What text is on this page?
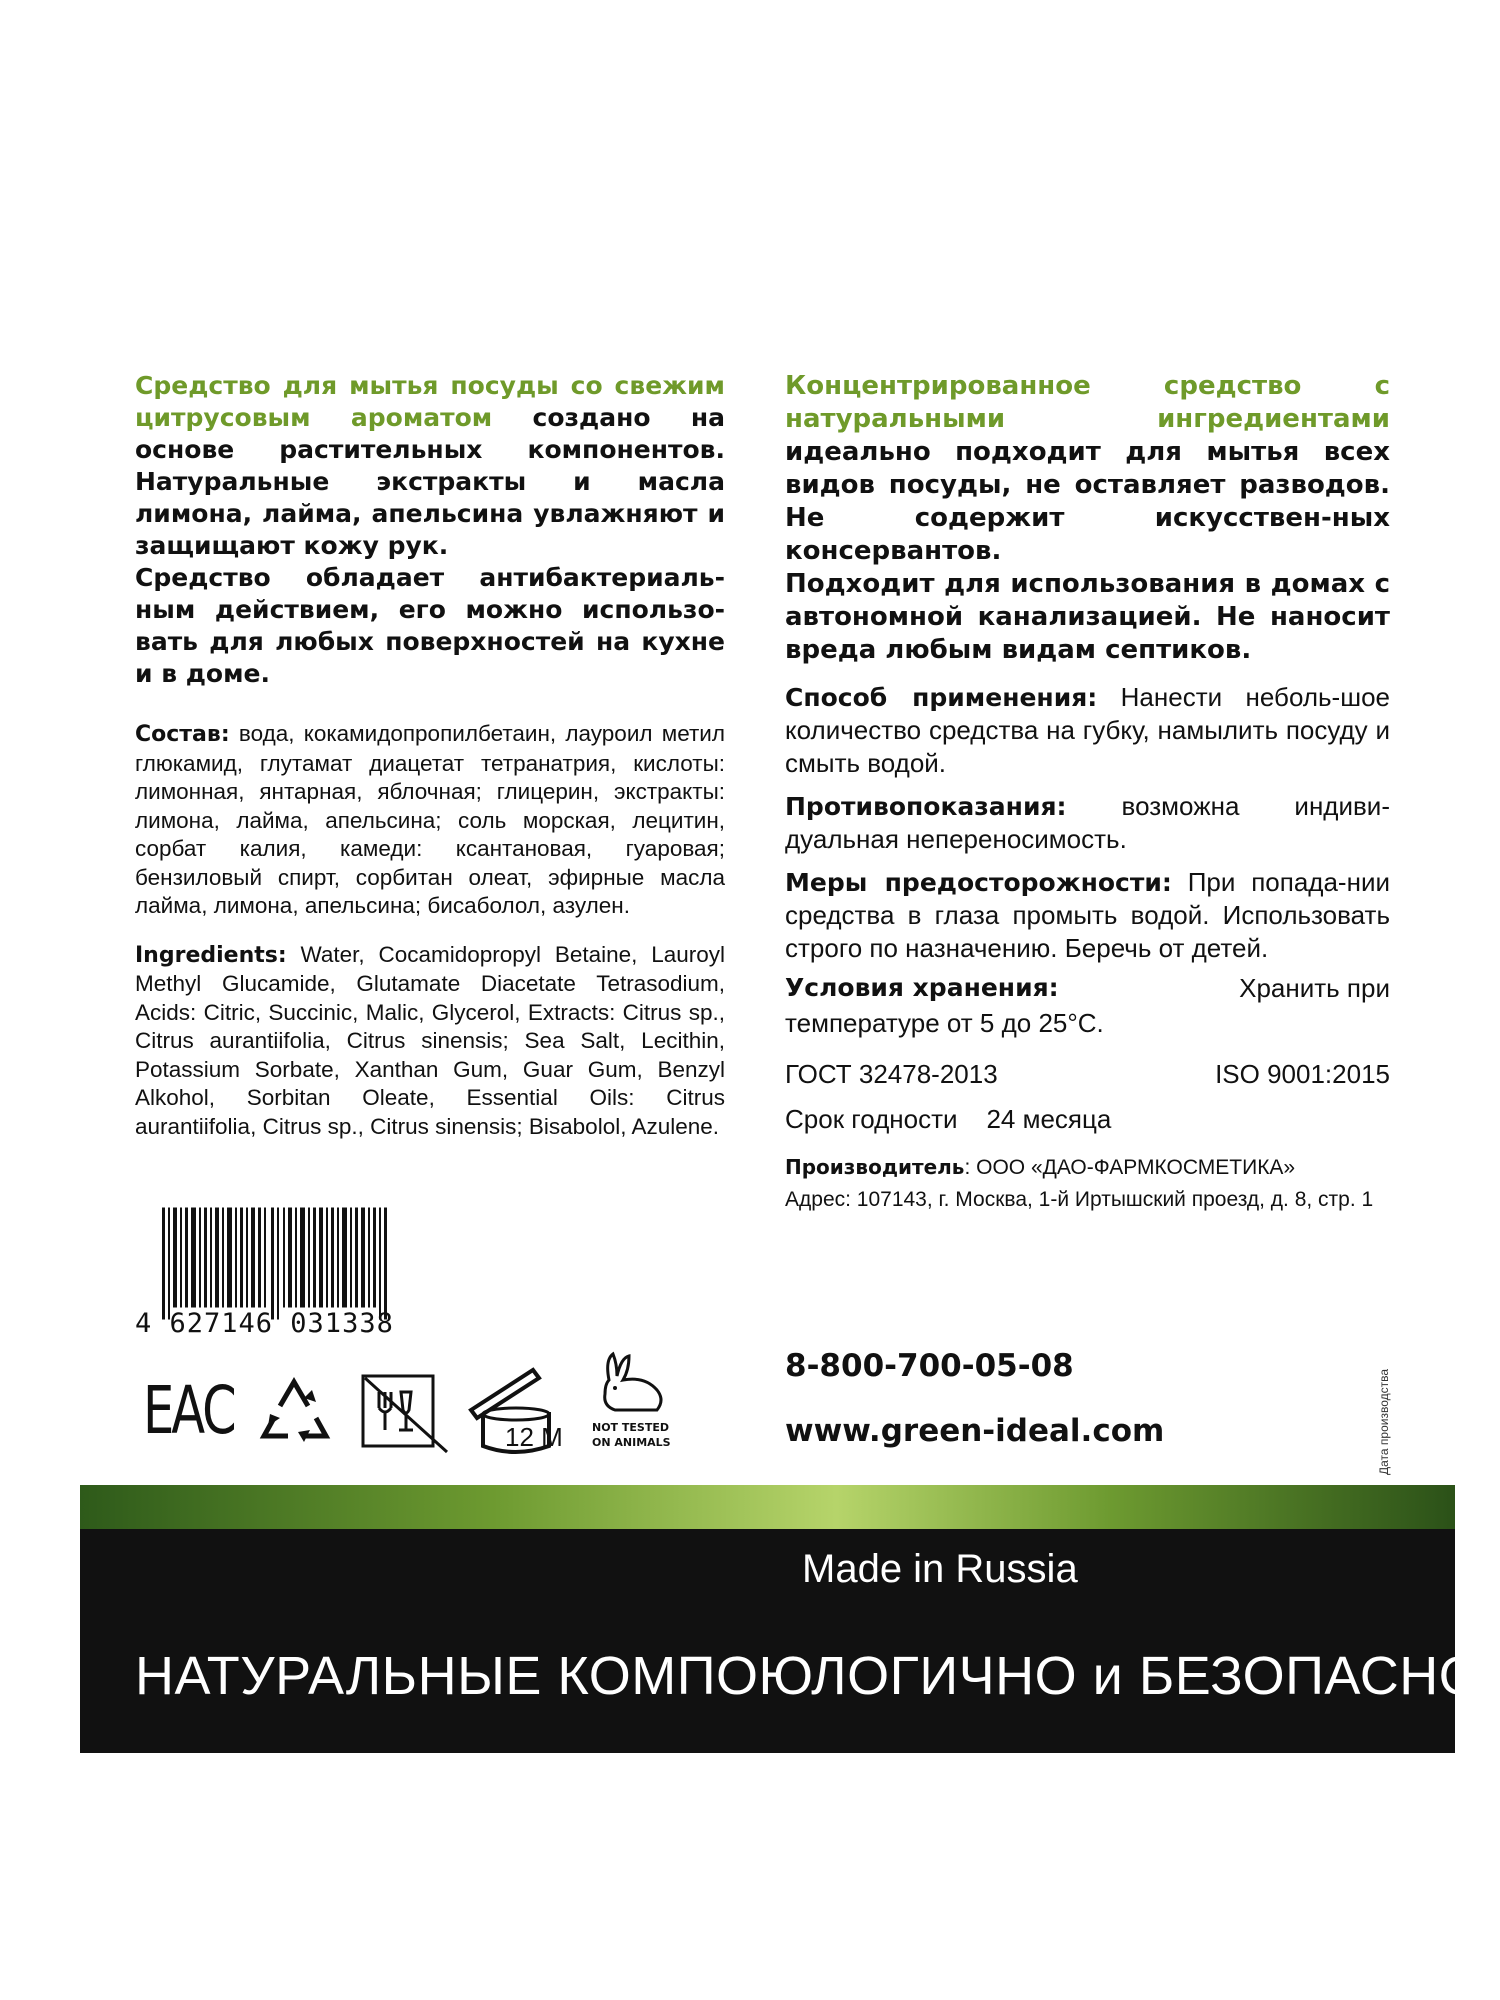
Средство для мытья посуды со свежим цитрусовым ароматом создано на основе растительных компонентов. Натуральные экстракты и масла лимона, лайма, апельсина увлажняют и защищают кожу рук.

Средство обладает антибактериаль-ным действием, его можно использо-вать для любых поверхностей на кухне и в доме.

Состав: вода, кокамидопропилбетаин, лауроил метил глюкамид, глутамат диацетат тетранатрия, кислоты: лимонная, янтарная, яблочная; глицерин, экстракты: лимона, лайма, апельсина; соль морская, лецитин, сорбат калия, камеди: ксантановая, гуаровая; бензиловый спирт, сорбитан олеат, эфирные масла лайма, лимона, апельсина; бисаболол, азулен.

Ingredients: Water, Cocamidopropyl Betaine, Lauroyl Methyl Glucamide, Glutamate Diacetate Tetrasodium, Acids: Citric, Succinic, Malic, Glycerol, Extracts: Citrus sp., Citrus aurantiifolia, Citrus sinensis; Sea Salt, Lecithin, Potassium Sorbate, Xanthan Gum, Guar Gum, Benzyl Alkohol, Sorbitan Oleate, Essential Oils: Citrus aurantiifolia, Citrus sp., Citrus sinensis; Bisabolol, Azulene.

Концентрированное средство с натуральными ингредиентами идеально подходит для мытья всех видов посуды, не оставляет разводов. Не содержит искусствен-ных консервантов.

Подходит для использования в домах с автономной канализацией. Не наносит вреда любым видам септиков.

Способ применения: Нанести неболь-шое количество средства на губку, намылить посуду и смыть водой.

Противопоказания: возможна индиви-дуальная непереносимость.

Меры предосторожности: При попада-нии средства в глаза промыть водой. Использовать строго по назначению. Беречь от детей.

Условия хранения:	Хранить при
температуре от 5 до 25°С.
ГОСТ 32478-2013	ISO 9001:2015
Срок годности 24 месяца
Производитель: ООО «ДАО-ФАРМКОСМЕТИКА»
Адрес: 107143, г. Москва, 1-й Иртышский проезд, д. 8, стр. 1
4 627146 031338
ЕАС	12 M	NOT TESTED
ON ANIMALS
8-800-700-05-08
www.green-ideal.com	Дата производства
Made in Russia
НАТУРАЛЬНЫЕ КОМПОЮЛОГИЧНО и БЕЗОПАСНО
